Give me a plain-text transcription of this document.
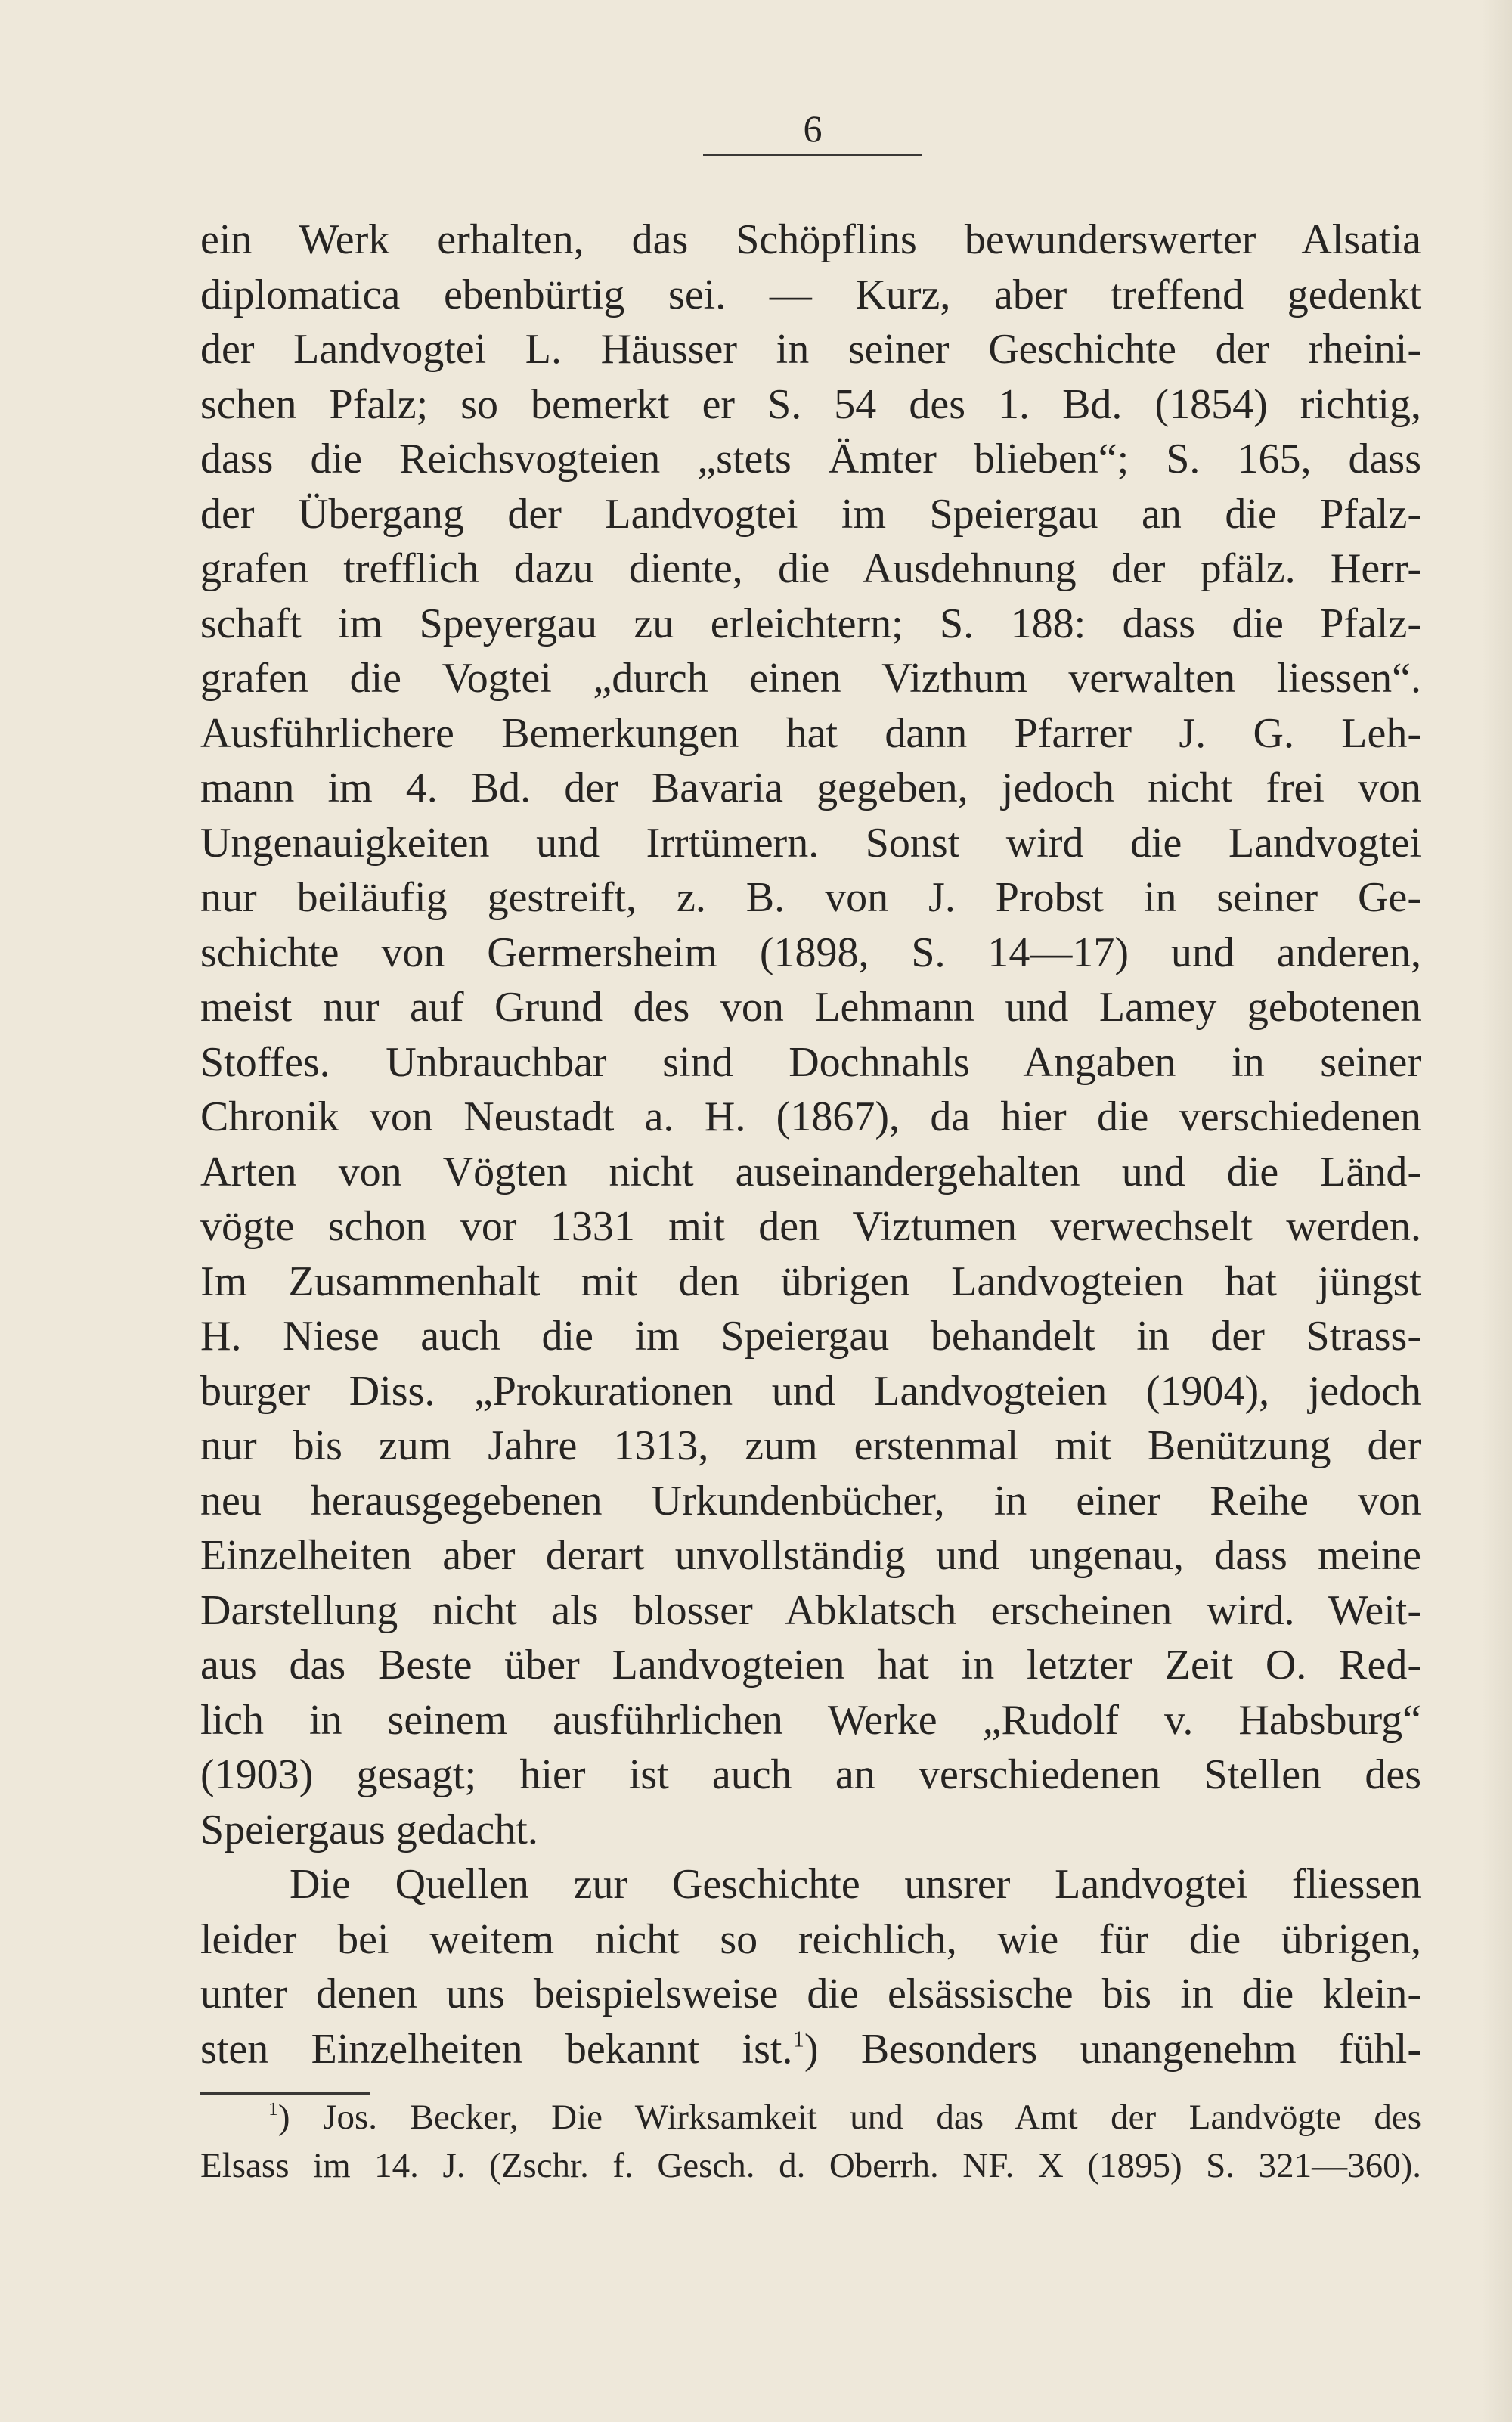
6
ein Werk erhalten, das Schöpflins bewunderswerter Alsatia
diplomatica ebenbürtig sei. — Kurz, aber treffend gedenkt
der Landvogtei L. Häusser in seiner Geschichte der rheini-
schen Pfalz; so bemerkt er S. 54 des 1. Bd. (1854) richtig,
dass die Reichsvogteien „stets Ämter blieben“; S. 165, dass
der Übergang der Landvogtei im Speiergau an die Pfalz-
grafen trefflich dazu diente, die Ausdehnung der pfälz. Herr-
schaft im Speyergau zu erleichtern; S. 188: dass die Pfalz-
grafen die Vogtei „durch einen Vizthum verwalten liessen“.
Ausführlichere Bemerkungen hat dann Pfarrer J. G. Leh-
mann im 4. Bd. der Bavaria gegeben, jedoch nicht frei von
Ungenauigkeiten und Irrtümern. Sonst wird die Landvogtei
nur beiläufig gestreift, z. B. von J. Probst in seiner Ge-
schichte von Germersheim (1898, S. 14—17) und anderen,
meist nur auf Grund des von Lehmann und Lamey gebotenen
Stoffes. Unbrauchbar sind Dochnahls Angaben in seiner
Chronik von Neustadt a. H. (1867), da hier die verschiedenen
Arten von Vögten nicht auseinandergehalten und die Länd-
vögte schon vor 1331 mit den Viztumen verwechselt werden.
Im Zusammenhalt mit den übrigen Landvogteien hat jüngst
H. Niese auch die im Speiergau behandelt in der Strass-
burger Diss. „Prokurationen und Landvogteien (1904), jedoch
nur bis zum Jahre 1313, zum erstenmal mit Benützung der
neu herausgegebenen Urkundenbücher, in einer Reihe von
Einzelheiten aber derart unvollständig und ungenau, dass meine
Darstellung nicht als blosser Abklatsch erscheinen wird. Weit-
aus das Beste über Landvogteien hat in letzter Zeit O. Red-
lich in seinem ausführlichen Werke „Rudolf v. Habsburg“
(1903) gesagt; hier ist auch an verschiedenen Stellen des
Speiergaus gedacht.
Die Quellen zur Geschichte unsrer Landvogtei fliessen
leider bei weitem nicht so reichlich, wie für die übrigen,
unter denen uns beispielsweise die elsässische bis in die klein-
sten Einzelheiten bekannt ist.$^1$) Besonders unangenehm fühl-
$^1$) Jos. Becker, Die Wirksamkeit und das Amt der Landvögte des
Elsass im 14. J. (Zschr. f. Gesch. d. Oberrh. NF. X (1895) S. 321—360).
